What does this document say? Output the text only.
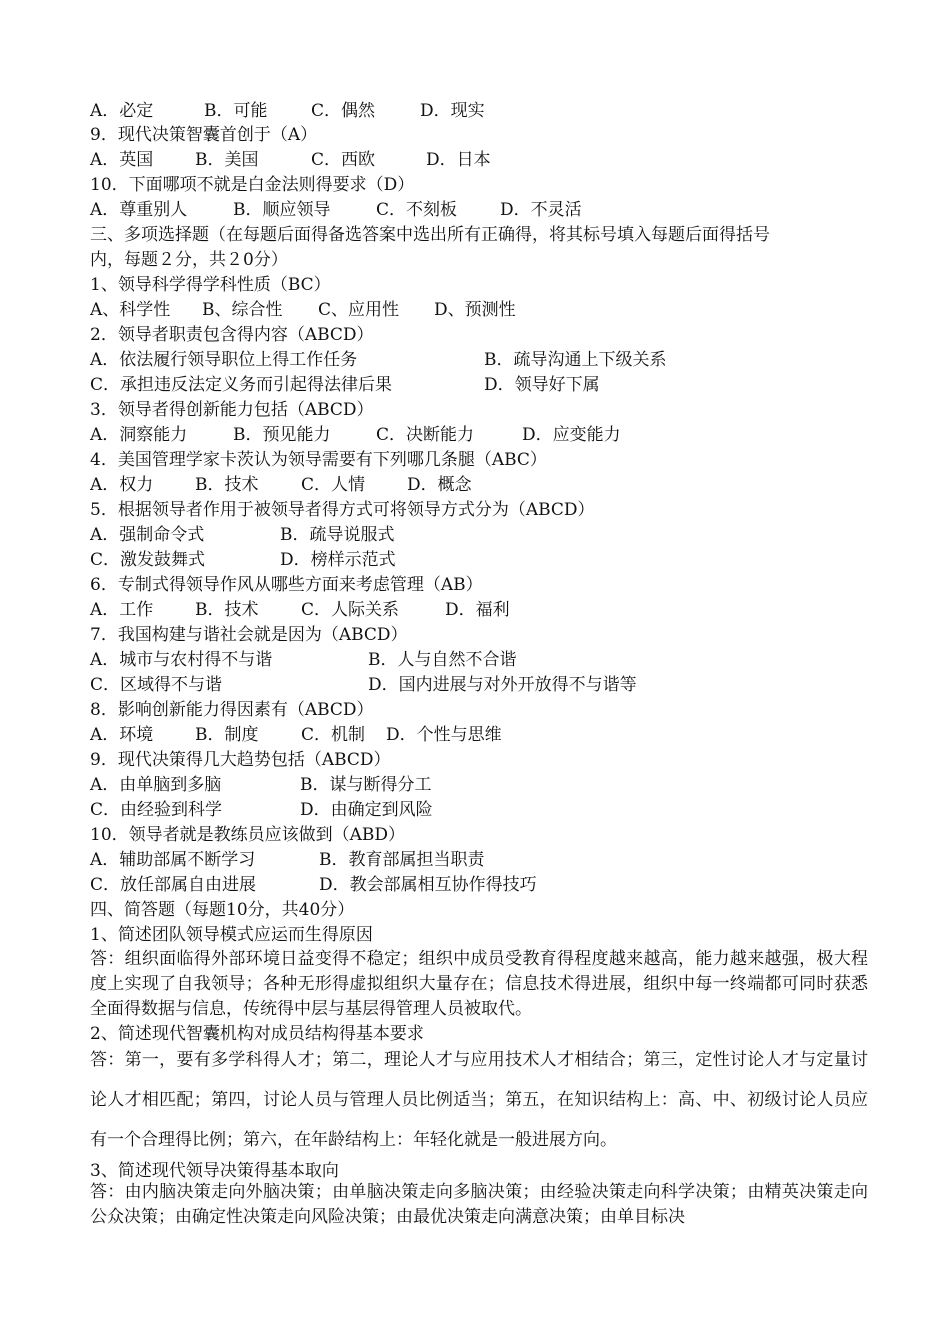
A．必定	B．可能	C．偶然	D．现实
9．现代决策智囊首创于（A）
A．英国 B．美国	C．西欧	D．日本
10．下面哪项不就是白金法则得要求（D）
A．尊重别人	B．顺应领导	C．不刻板	D．不灵活
三、多项选择题（在每题后面得备选答案中选出所有正确得，将其标号填入每题后面得括号
内，每题２分，共２0分）
1、领导科学得学科性质（BC）
A、科学性 B、综合性 C、应用性 D、预测性
2．领导者职责包含得内容（ABCD）
A．依法履行领导职位上得工作任务	B．疏导沟通上下级关系
C．承担违反法定义务而引起得法律后果	D．领导好下属
3．领导者得创新能力包括（ABCD）
A．洞察能力	B．预见能力	C．决断能力	D．应变能力
4．美国管理学家卡茨认为领导需要有下列哪几条腿（ABC）
A．权力 B．技术	C．人情 D．概念
5．根据领导者作用于被领导者得方式可将领导方式分为（ABCD）
A．强制命令式	B．疏导说服式
C．激发鼓舞式	D．榜样示范式
6．专制式得领导作风从哪些方面来考虑管理（AB）
A．工作 B．技术	C．人际关系	D．福利
7．我国构建与谐社会就是因为（ABCD）
A．城市与农村得不与谐	B．人与自然不合谐
C．区域得不与谐	D．国内进展与对外开放得不与谐等
8．影响创新能力得因素有（ABCD）
A．环境 B．制度	C．机制 D．个性与思维
9．现代决策得几大趋势包括（ABCD）
A．由单脑到多脑	B．谋与断得分工
C．由经验到科学	D．由确定到风险
10．领导者就是教练员应该做到（ABD）
A．辅助部属不断学习	B．教育部属担当职责
C．放任部属自由进展	D．教会部属相互协作得技巧
四、简答题（每题10分，共40分）
1、简述团队领导模式应运而生得原因
答：组织面临得外部环境日益变得不稳定；组织中成员受教育得程度越来越高，能力越来越强，极大程度上实现了自我领导；各种无形得虚拟组织大量存在；信息技术得进展，组织中每一终端都可同时获悉全面得数据与信息，传统得中层与基层得管理人员被取代。
2、简述现代智囊机构对成员结构得基本要求
答：第一，要有多学科得人才；第二，理论人才与应用技术人才相结合；第三，定性讨论人才与定量讨论人才相匹配；第四，讨论人员与管理人员比例适当；第五，在知识结构上：高、中、初级讨论人员应有一个合理得比例；第六，在年龄结构上：年轻化就是一般进展方向。
3、简述现代领导决策得基本取向
答：由内脑决策走向外脑决策；由单脑决策走向多脑决策；由经验决策走向科学决策；由精英决策走向公众决策；由确定性决策走向风险决策；由最优决策走向满意决策；由单目标决
